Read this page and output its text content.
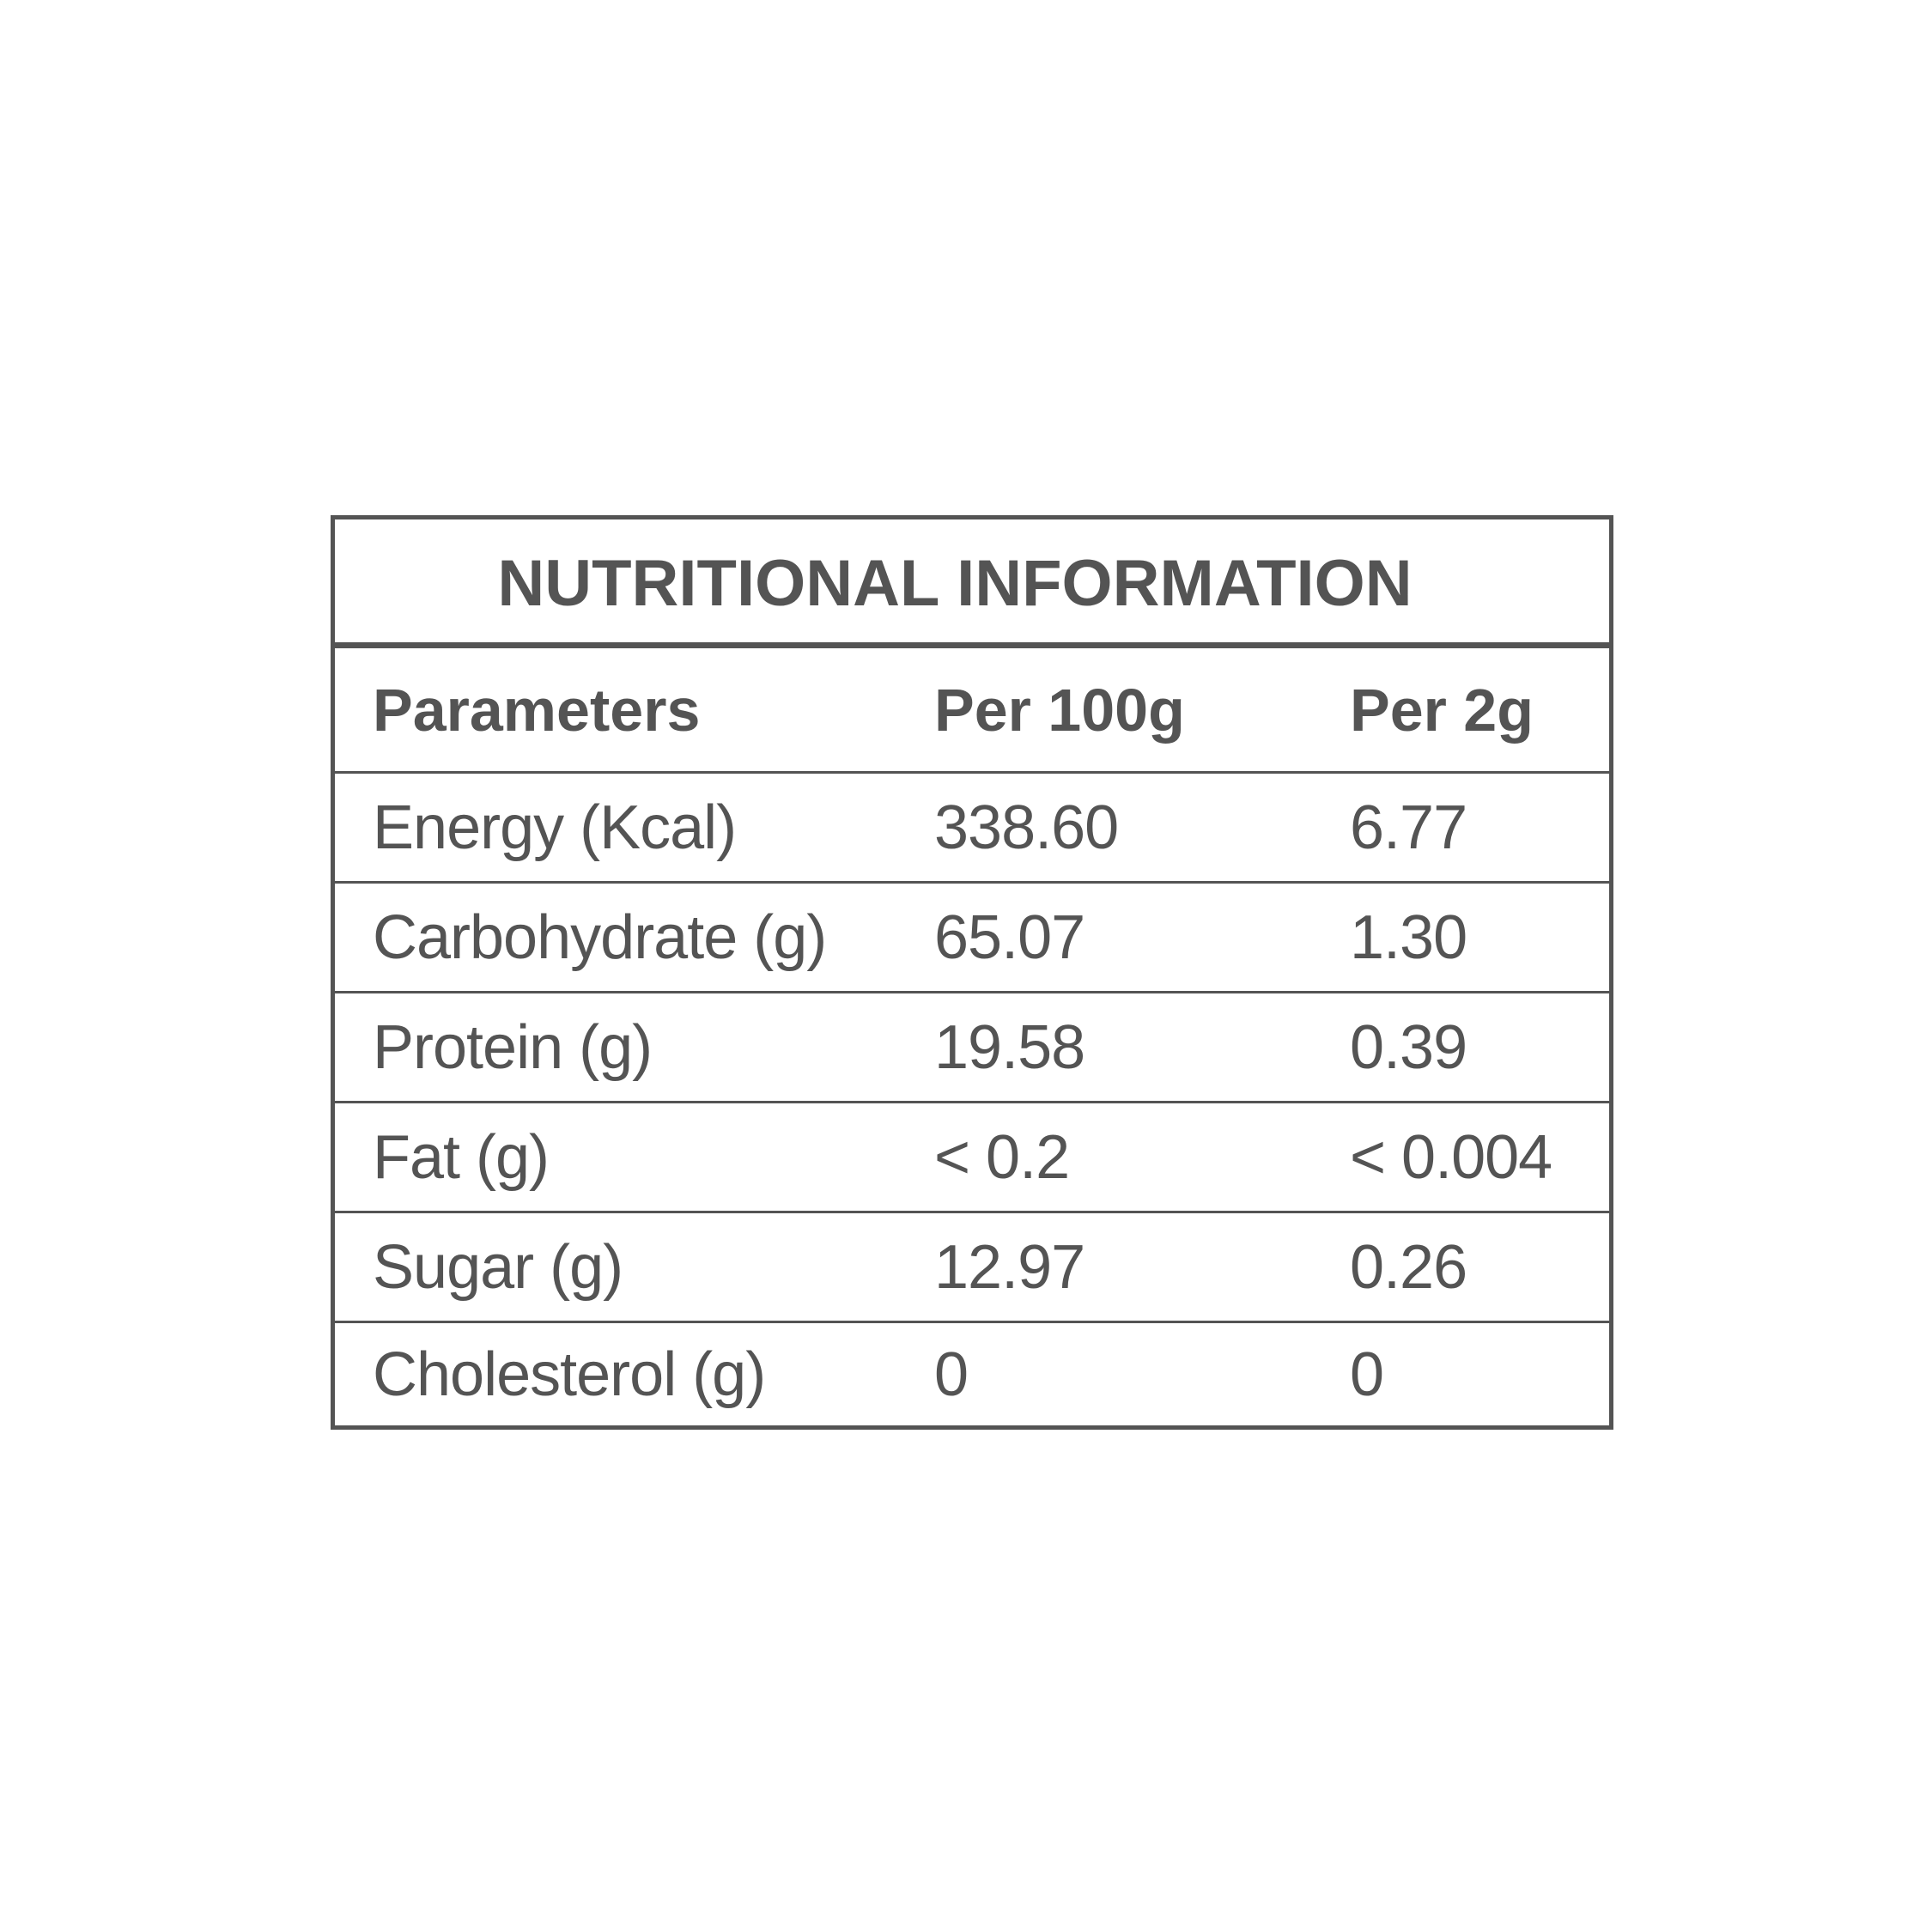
NUTRITIONAL INFORMATION
Parameters	Per 100g	Per 2g
Energy (Kcal)	338.60	6.77
Carbohydrate (g) 65.07	1.30
Protein (g)	19.58	0.39
Fat (g)	< 0.2	< 0.004
Sugar (g)	12.97	0.26
Cholesterol (g)	0	0
